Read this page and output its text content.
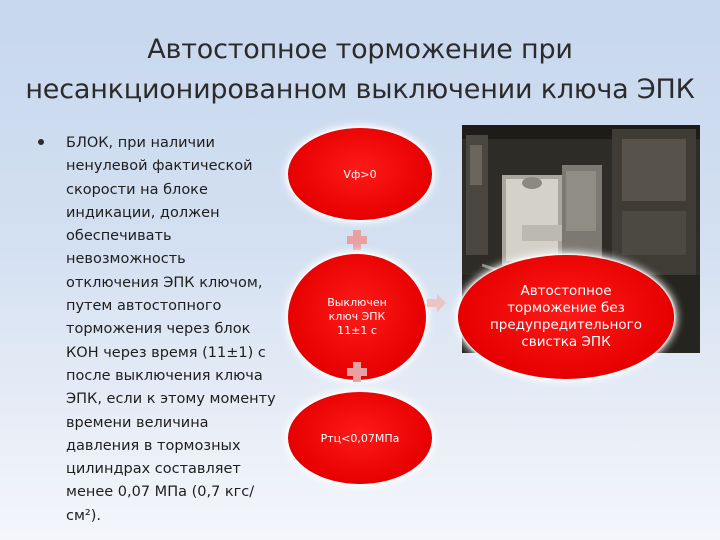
Автостопное торможение при
несанкционированном выключении ключа ЭПК
БЛОК, при наличии ненулевой фактической скорости на блоке индикации, должен обеспечивать невозможность отключения ЭПК ключом, путем автостопного торможения через блок КОН через время (11±1) с после выключения ключа ЭПК, если к этому моменту времени величина давления в тормозных цилиндрах составляет менее 0,07 МПа (0,7 кгс/см²).
Vф>0
Выключен
ключ ЭПК
11±1 с
Ртц<0,07МПа
Автостопное
торможение без
предупредительного
свистка ЭПК
